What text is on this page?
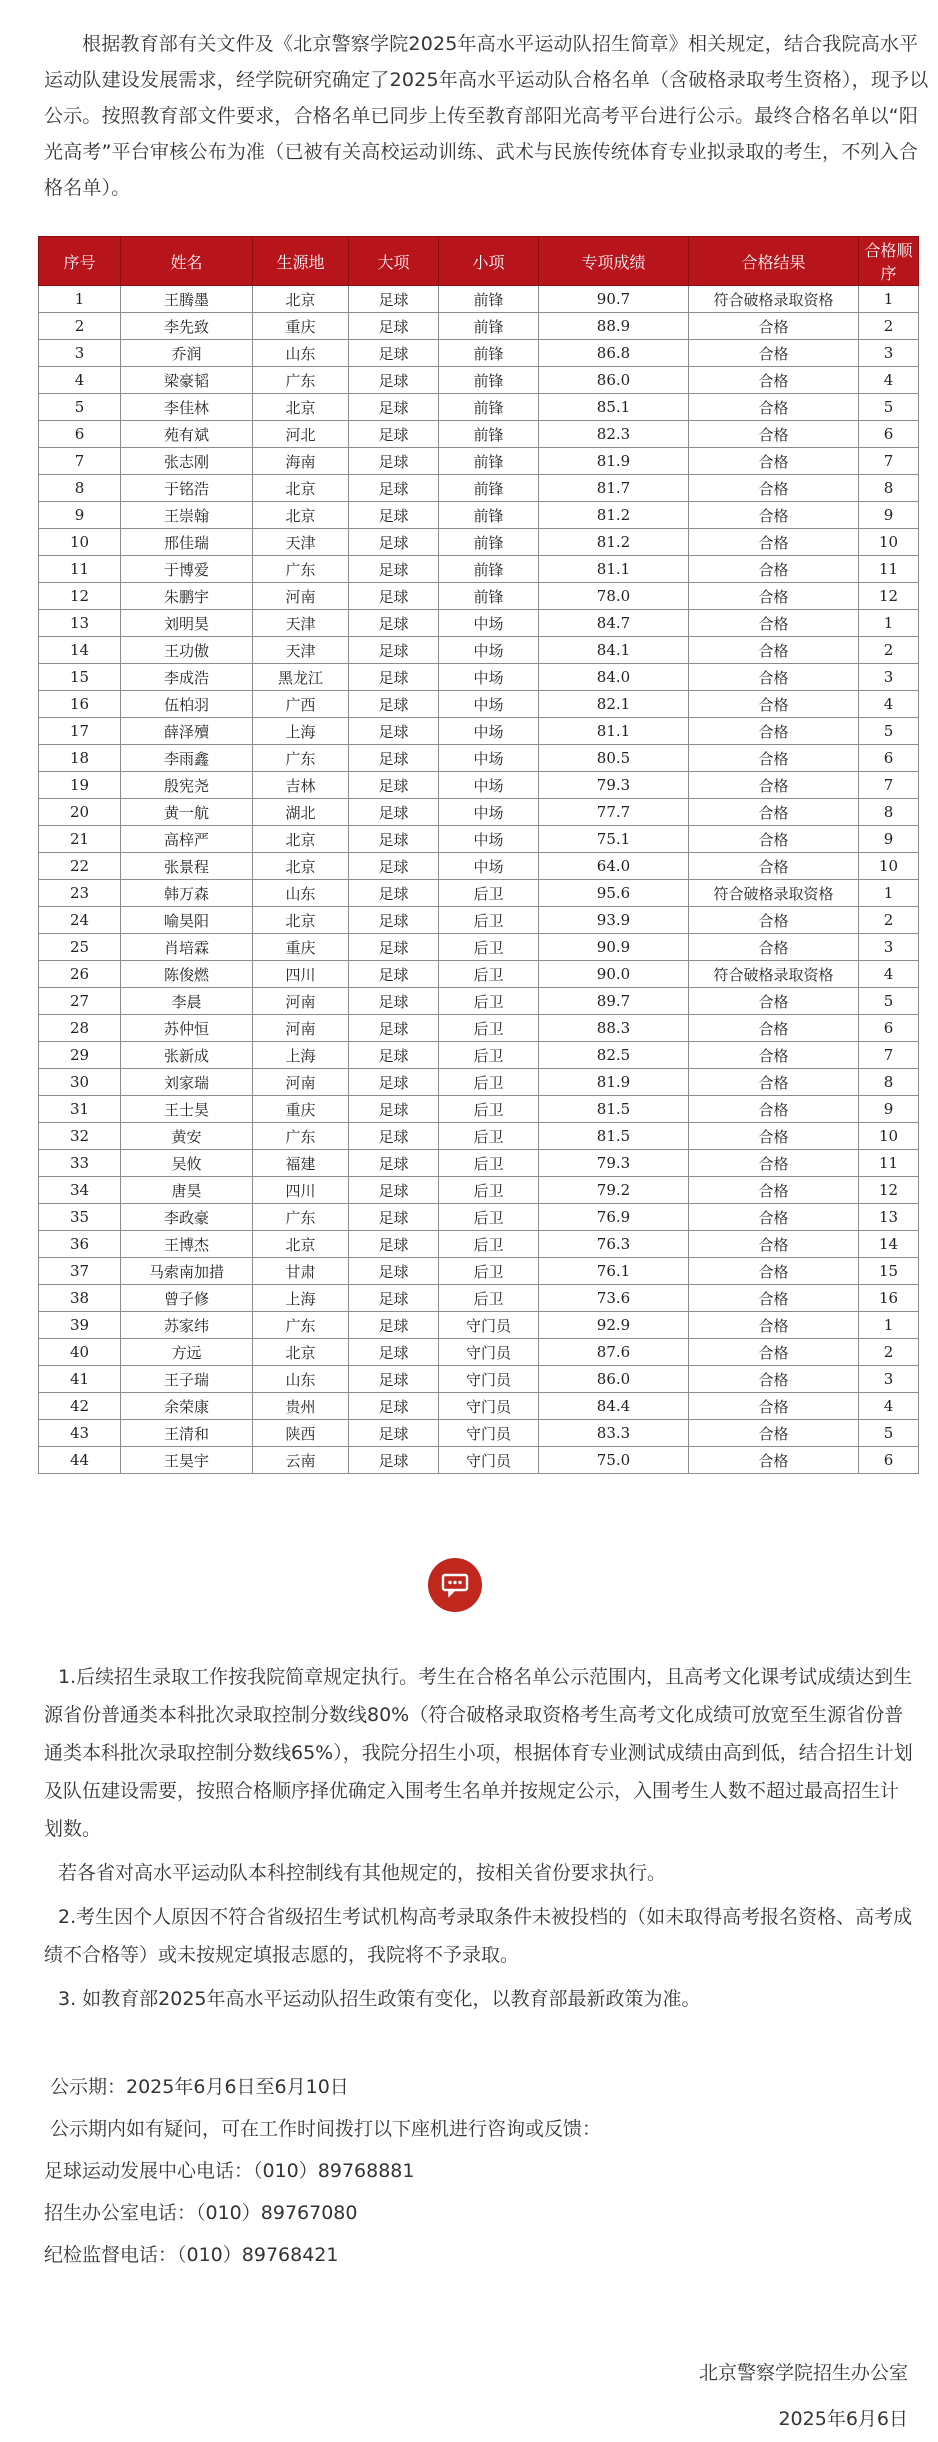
根据教育部有关文件及《北京警察学院2025年高水平运动队招生简章》相关规定，结合我院高水平运动队建设发展需求，经学院研究确定了2025年高水平运动队合格名单（含破格录取考生资格），现予以公示。按照教育部文件要求，合格名单已同步上传至教育部阳光高考平台进行公示。最终合格名单以“阳光高考”平台审核公布为准（已被有关高校运动训练、武术与民族传统体育专业拟录取的考生，不列入合格名单）。

序号	姓名	生源地	大项	小项	专项成绩	合格结果	合格顺序
1	王腾墨	北京	足球	前锋	90.7	符合破格录取资格	1
2	李先致	重庆	足球	前锋	88.9	合格	2
3	乔润	山东	足球	前锋	86.8	合格	3
4	梁豪韬	广东	足球	前锋	86.0	合格	4
5	李佳林	北京	足球	前锋	85.1	合格	5
6	苑有斌	河北	足球	前锋	82.3	合格	6
7	张志刚	海南	足球	前锋	81.9	合格	7
8	于铭浩	北京	足球	前锋	81.7	合格	8
9	王崇翰	北京	足球	前锋	81.2	合格	9
10	邢佳瑞	天津	足球	前锋	81.2	合格	10
11	于博爱	广东	足球	前锋	81.1	合格	11
12	朱鹏宇	河南	足球	前锋	78.0	合格	12
13	刘明昊	天津	足球	中场	84.7	合格	1
14	王功傲	天津	足球	中场	84.1	合格	2
15	李成浩	黑龙江	足球	中场	84.0	合格	3
16	伍柏羽	广西	足球	中场	82.1	合格	4
17	薛泽殰	上海	足球	中场	81.1	合格	5
18	李雨鑫	广东	足球	中场	80.5	合格	6
19	殷宪尧	吉林	足球	中场	79.3	合格	7
20	黄一航	湖北	足球	中场	77.7	合格	8
21	高梓严	北京	足球	中场	75.1	合格	9
22	张景程	北京	足球	中场	64.0	合格	10
23	韩万森	山东	足球	后卫	95.6	符合破格录取资格	1
24	喻昊阳	北京	足球	后卫	93.9	合格	2
25	肖培霖	重庆	足球	后卫	90.9	合格	3
26	陈俊燃	四川	足球	后卫	90.0	符合破格录取资格	4
27	李晨	河南	足球	后卫	89.7	合格	5
28	苏仲恒	河南	足球	后卫	88.3	合格	6
29	张新成	上海	足球	后卫	82.5	合格	7
30	刘家瑞	河南	足球	后卫	81.9	合格	8
31	王士昊	重庆	足球	后卫	81.5	合格	9
32	黄安	广东	足球	后卫	81.5	合格	10
33	吴攸	福建	足球	后卫	79.3	合格	11
34	唐昊	四川	足球	后卫	79.2	合格	12
35	李政豪	广东	足球	后卫	76.9	合格	13
36	王博杰	北京	足球	后卫	76.3	合格	14
37	马索南加措	甘肃	足球	后卫	76.1	合格	15
38	曾子修	上海	足球	后卫	73.6	合格	16
39	苏家纬	广东	足球	守门员	92.9	合格	1
40	方远	北京	足球	守门员	87.6	合格	2
41	王子瑞	山东	足球	守门员	86.0	合格	3
42	余荣康	贵州	足球	守门员	84.4	合格	4
43	王清和	陕西	足球	守门员	83.3	合格	5
44	王昊宇	云南	足球	守门员	75.0	合格	6

1.后续招生录取工作按我院简章规定执行。考生在合格名单公示范围内，且高考文化课考试成绩达到生源省份普通类本科批次录取控制分数线80%（符合破格录取资格考生高考文化成绩可放宽至生源省份普通类本科批次录取控制分数线65%），我院分招生小项，根据体育专业测试成绩由高到低，结合招生计划及队伍建设需要，按照合格顺序择优确定入围考生名单并按规定公示，入围考生人数不超过最高招生计划数。

若各省对高水平运动队本科控制线有其他规定的，按相关省份要求执行。

2.考生因个人原因不符合省级招生考试机构高考录取条件未被投档的（如未取得高考报名资格、高考成绩不合格等）或未按规定填报志愿的，我院将不予录取。

3. 如教育部2025年高水平运动队招生政策有变化，以教育部最新政策为准。

公示期：2025年6月6日至6月10日
公示期内如有疑问，可在工作时间拨打以下座机进行咨询或反馈：
足球运动发展中心电话：（010）89768881
招生办公室电话：（010）89767080
纪检监督电话：（010）89768421
北京警察学院招生办公室
2025年6月6日
